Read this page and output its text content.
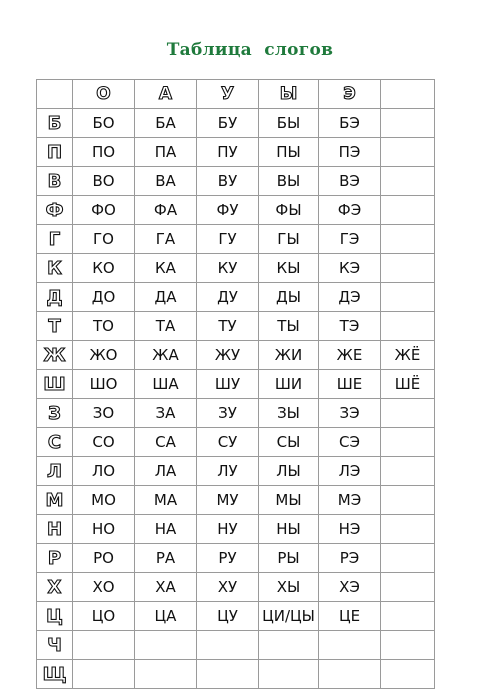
Таблица слогов
	О	А	У	Ы	Э	
Б	БО	БА	БУ	БЫ	БЭ	
П	ПО	ПА	ПУ	ПЫ	ПЭ	
В	ВО	ВА	ВУ	ВЫ	ВЭ	
Ф	ФО	ФА	ФУ	ФЫ	ФЭ	
Г	ГО	ГА	ГУ	ГЫ	ГЭ	
К	КО	КА	КУ	КЫ	КЭ	
Д	ДО	ДА	ДУ	ДЫ	ДЭ	
Т	ТО	ТА	ТУ	ТЫ	ТЭ	
Ж	ЖО	ЖА	ЖУ	ЖИ	ЖЕ	ЖЁ
Ш	ШО	ША	ШУ	ШИ	ШЕ	ШЁ
З	ЗО	ЗА	ЗУ	ЗЫ	ЗЭ	
С	СО	СА	СУ	СЫ	СЭ	
Л	ЛО	ЛА	ЛУ	ЛЫ	ЛЭ	
М	МО	МА	МУ	МЫ	МЭ	
Н	НО	НА	НУ	НЫ	НЭ	
Р	РО	РА	РУ	РЫ	РЭ	
Х	ХО	ХА	ХУ	ХЫ	ХЭ	
Ц	ЦО	ЦА	ЦУ	ЦИ/ЦЫ	ЦЕ	
Ч						
Щ						
